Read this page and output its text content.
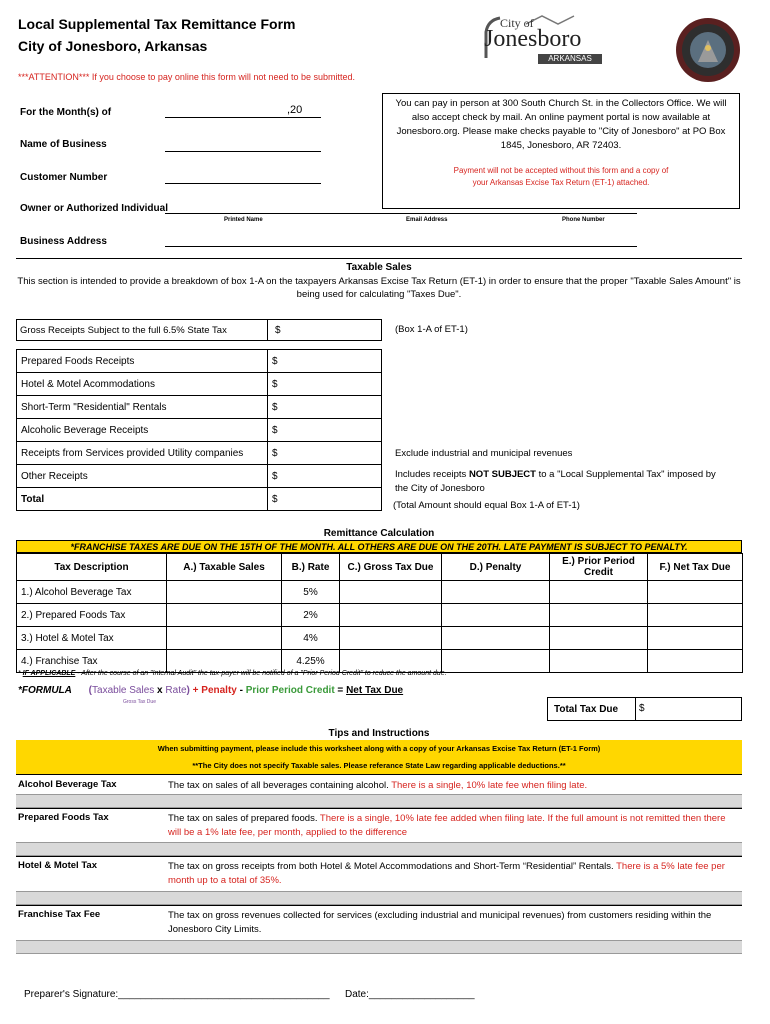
Local Supplemental Tax Remittance Form
City of Jonesboro, Arkansas
City of
Jonesboro
ARKANSAS
***ATTENTION*** If you choose to pay online this form will not need to be submitted.
For the Month(s) of	,20
Name of Business
Customer Number
Owner or Authorized Individual
Printed Name	Email Address	Phone Number
Business Address
You can pay in person at 300 South Church St. in the Collectors Office. We will also accept check by mail. An online payment portal is now available at Jonesboro.org. Please make checks payable to "City of Jonesboro" at PO Box 1845, Jonesboro, AR 72403.
Payment will not be accepted without this form and a copy of your Arkansas Excise Tax Return (ET-1) attached.
Taxable Sales
This section is intended to provide a breakdown of box 1-A on the taxpayers Arkansas Excise Tax Return (ET-1) in order to ensure that the proper "Taxable Sales Amount" is being used for calculating "Taxes Due".
Gross Receipts Subject to the full 6.5% State Tax	$	(Box 1-A of ET-1)
Prepared Foods Receipts	$
Hotel & Motel Acommodations	$
Short-Term "Residential" Rentals	$
Alcoholic Beverage Receipts	$
Receipts from Services provided Utility companies	$
Other Receipts	$
Total	$
Exclude industrial and municipal revenues
Includes receipts NOT SUBJECT to a "Local Supplemental Tax" imposed by the City of Jonesboro
(Total Amount should equal Box 1-A of ET-1)
Remittance Calculation
*FRANCHISE TAXES ARE DUE ON THE 15TH OF THE MONTH. ALL OTHERS ARE DUE ON THE 20TH. LATE PAYMENT IS SUBJECT TO PENALTY.
Tax Description	A.) Taxable Sales	B.) Rate	C.) Gross Tax Due	D.) Penalty	E.) Prior Period Credit	F.) Net Tax Due
1.) Alcohol Beverage Tax		5%				
2.) Prepared Foods Tax		2%				
3.) Hotel & Motel Tax		4%				
4.) Franchise Tax		4.25%				
* IF APPLICABLE - After the course of an "Internal Audit" the tax-payer will be notified of a "Prior Period Credit" to reduce the amount due.
*FORMULA (Taxable Sales x Rate) + Penalty - Prior Period Credit = Net Tax Due
Gross Tax Due
Total Tax Due $
Tips and Instructions
When submitting payment, please include this worksheet along with a copy of your Arkansas Excise Tax Return (ET-1 Form)
**The City does not specify Taxable sales. Please referance State Law regarding applicable deductions.**
Alcohol Beverage Tax	The tax on sales of all beverages containing alcohol. There is a single, 10% late fee when filing late.
Prepared Foods Tax	The tax on sales of prepared foods. There is a single, 10% late fee added when filing late. If the full amount is not remitted then there will be a 1% late fee, per month, applied to the difference
Hotel & Motel Tax	The tax on gross receipts from both Hotel & Motel Accommodations and Short-Term “Residential” Rentals. There is a 5% late fee per month up to a total of 35%.
Franchise Tax Fee	The tax on gross revenues collected for services (excluding industrial and municipal revenues) from customers residing within the Jonesboro City Limits.
Preparer's Signature:______________________________________ Date:___________________
